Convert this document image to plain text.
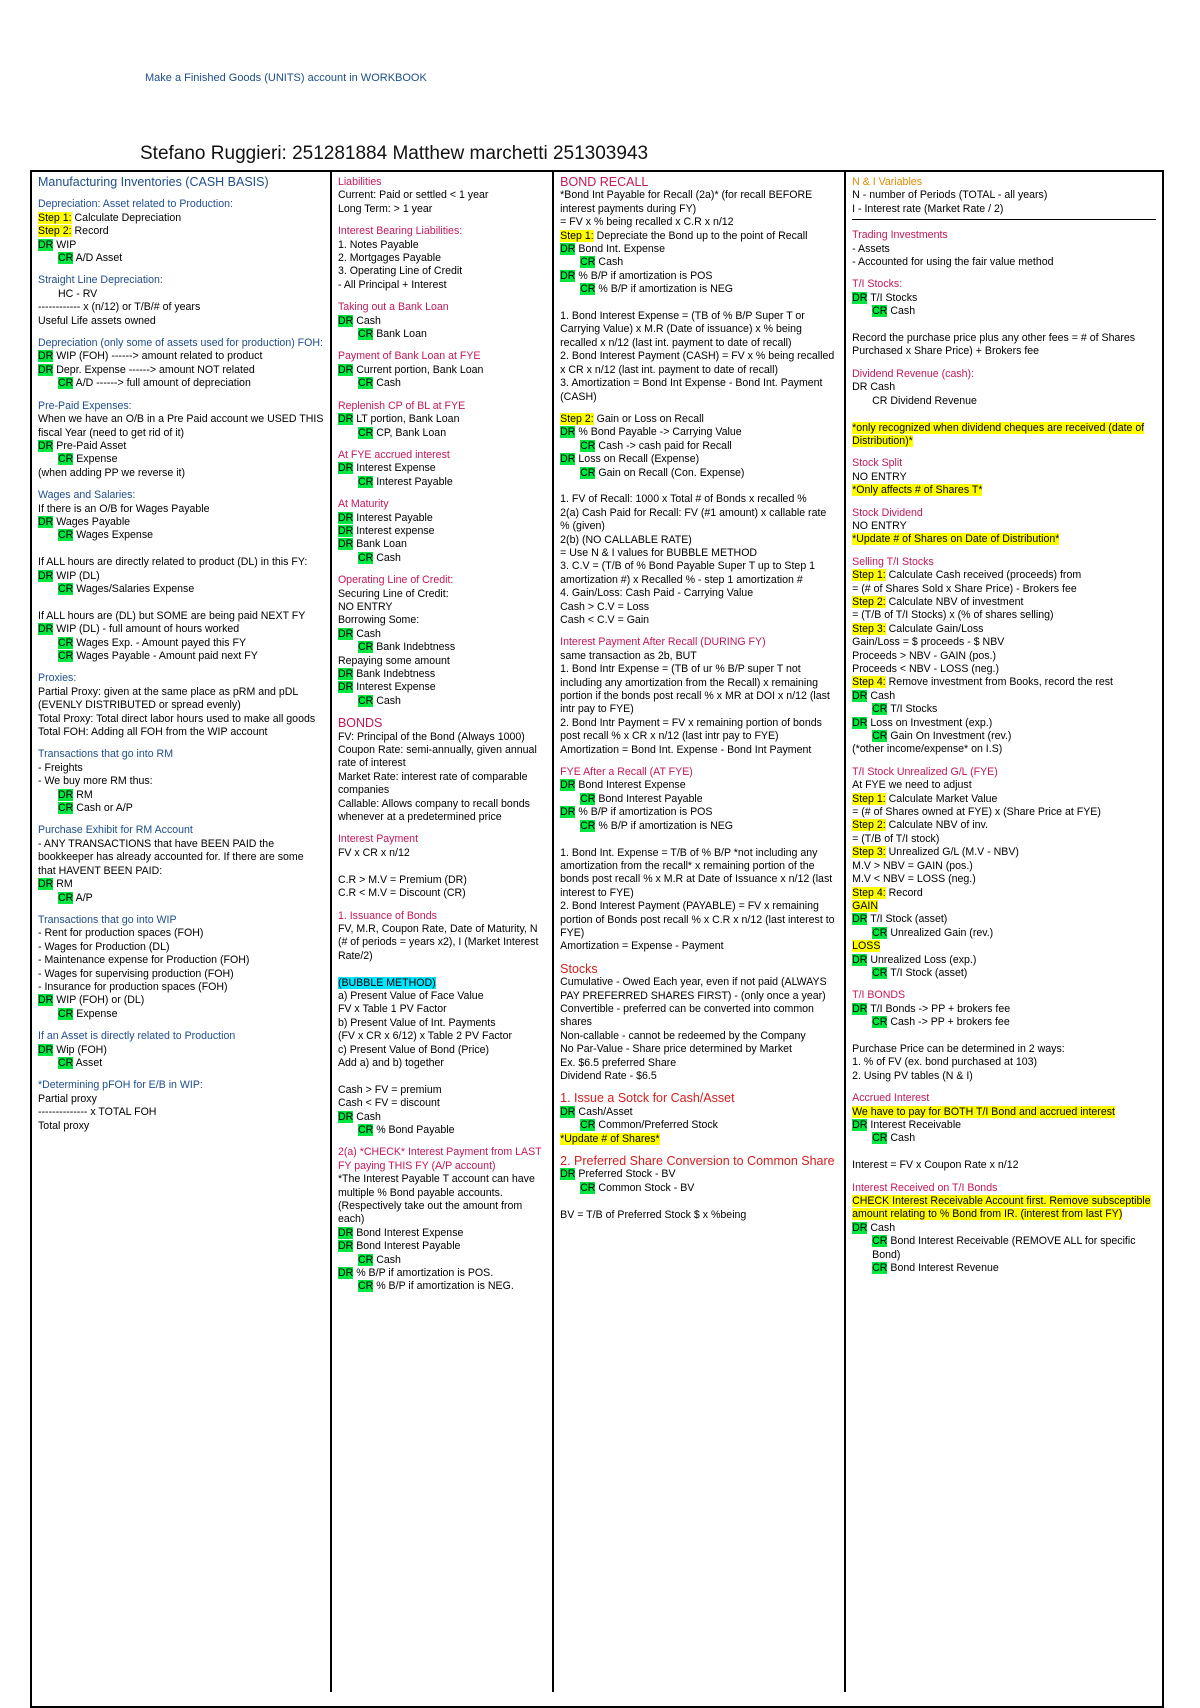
Make a Finished Goods (UNITS) account in WORKBOOK
Stefano Ruggieri: 251281884 Matthew marchetti 251303943
Manufacturing Inventories (CASH BASIS)
Depreciation: Asset related to Production:
Step 1: Calculate Depreciation
Step 2: Record
DR WIP
CR A/D Asset
Straight Line Depreciation:
HC - RV
------------ x (n/12) or T/B/# of years
Useful Life assets owned
Depreciation (only some of assets used for production) FOH:
DR WIP (FOH) ------> amount related to product
DR Depr. Expense ------> amount NOT related
CR A/D ------> full amount of depreciation
Pre-Paid Expenses:
When we have an O/B in a Pre Paid account we USED THIS fiscal Year (need to get rid of it)
DR Pre-Paid Asset
CR Expense
(when adding PP we reverse it)
Wages and Salaries:
If there is an O/B for Wages Payable
DR Wages Payable
CR Wages Expense

If ALL hours are directly related to product (DL) in this FY:
DR WIP (DL)
CR Wages/Salaries Expense

If ALL hours are (DL) but SOME are being paid NEXT FY
DR WIP (DL) - full amount of hours worked
CR Wages Exp. - Amount payed this FY
CR Wages Payable - Amount paid next FY
Proxies:
Partial Proxy: given at the same place as pRM and pDL (EVENLY DISTRIBUTED or spread evenly)
Total Proxy: Total direct labor hours used to make all goods
Total FOH: Adding all FOH from the WIP account
Transactions that go into RM
- Freights
- We buy more RM thus:
DR RM
CR Cash or A/P
Purchase Exhibit for RM Account
- ANY TRANSACTIONS that have BEEN PAID the bookkeeper has already accounted for. If there are some that HAVENT BEEN PAID:
DR RM
CR A/P
Transactions that go into WIP
- Rent for production spaces (FOH)
- Wages for Production (DL)
- Maintenance expense for Production (FOH)
- Wages for supervising production (FOH)
- Insurance for production spaces (FOH)
DR WIP (FOH) or (DL)
CR Expense
If an Asset is directly related to Production
DR Wip (FOH)
CR Asset
*Determining pFOH for E/B in WIP:
Partial proxy
-------------- x TOTAL FOH
Total proxy
Liabilities
Current: Paid or settled < 1 year
Long Term: > 1 year
Interest Bearing Liabilities:
1. Notes Payable
2. Mortgages Payable
3. Operating Line of Credit
- All Principal + Interest
Taking out a Bank Loan
DR Cash
CR Bank Loan
Payment of Bank Loan at FYE
DR Current portion, Bank Loan
CR Cash
Replenish CP of BL at FYE
DR LT portion, Bank Loan
CR CP, Bank Loan
At FYE accrued interest
DR Interest Expense
CR Interest Payable
At Maturity
DR Interest Payable
DR Interest expense
DR Bank Loan
CR Cash
Operating Line of Credit:
Securing Line of Credit:
NO ENTRY
Borrowing Some:
DR Cash
CR Bank Indebtness
Repaying some amount
DR Bank Indebtness
DR Interest Expense
CR Cash
BONDS
FV: Principal of the Bond (Always 1000)
Coupon Rate: semi-annually, given annual rate of interest
Market Rate: interest rate of comparable companies
Callable: Allows company to recall bonds whenever at a predetermined price
Interest Payment
FV x CR x n/12

C.R > M.V = Premium (DR)
C.R < M.V = Discount (CR)
1. Issuance of Bonds
FV, M.R, Coupon Rate, Date of Maturity, N (# of periods = years x2), I (Market Interest Rate/2)

(BUBBLE METHOD)
a) Present Value of Face Value
FV x Table 1 PV Factor
b) Present Value of Int. Payments
(FV x CR x 6/12) x Table 2 PV Factor
c) Present Value of Bond (Price)
Add a) and b) together

Cash > FV = premium
Cash < FV = discount
DR Cash
CR % Bond Payable
2(a) *CHECK* Interest Payment from LAST FY paying THIS FY (A/P account)
*The Interest Payable T account can have multiple % Bond payable accounts. (Respectively take out the amount from each)
DR Bond Interest Expense
DR Bond Interest Payable
CR Cash
DR % B/P if amortization is POS.
CR % B/P if amortization is NEG.
BOND RECALL
*Bond Int Payable for Recall (2a)* (for recall BEFORE interest payments during FY)
= FV x % being recalled x C.R x n/12
Step 1: Depreciate the Bond up to the point of Recall
DR Bond Int. Expense
CR Cash
DR % B/P if amortization is POS
CR % B/P if amortization is NEG

1. Bond Interest Expense = (TB of % B/P Super T or Carrying Value) x M.R (Date of issuance) x % being recalled x n/12 (last int. payment to date of recall)
2. Bond Interest Payment (CASH) = FV x % being recalled x CR x n/12 (last int. payment to date of recall)
3. Amortization = Bond Int Expense - Bond Int. Payment (CASH)
Step 2: Gain or Loss on Recall
DR % Bond Payable -> Carrying Value
CR Cash -> cash paid for Recall
DR Loss on Recall (Expense)
CR Gain on Recall (Con. Expense)

1. FV of Recall: 1000 x Total # of Bonds x recalled %
2(a) Cash Paid for Recall: FV (#1 amount) x callable rate % (given)
2(b) (NO CALLABLE RATE)
= Use N & I values for BUBBLE METHOD
3. C.V = (T/B of % Bond Payable Super T up to Step 1 amortization #) x Recalled % - step 1 amortization #
4. Gain/Loss: Cash Paid - Carrying Value
Cash > C.V = Loss
Cash < C.V = Gain
Interest Payment After Recall (DURING FY)
same transaction as 2b, BUT
1. Bond Intr Expense = (TB of ur % B/P super T not including any amortization from the Recall) x remaining portion if the bonds post recall % x MR at DOI x n/12 (last intr pay to FYE)
2. Bond Intr Payment = FV x remaining portion of bonds post recall % x CR x n/12 (last intr pay to FYE)
Amortization = Bond Int. Expense - Bond Int Payment
FYE After a Recall (AT FYE)
DR Bond Interest Expense
CR Bond Interest Payable
DR % B/P if amortization is POS
CR % B/P if amortization is NEG

1. Bond Int. Expense = T/B of % B/P *not including any amortization from the recall* x remaining portion of the bonds post recall % x M.R at Date of Issuance x n/12 (last interest to FYE)
2. Bond Interest Payment (PAYABLE) = FV x remaining portion of Bonds post recall % x C.R x n/12 (last interest to FYE)
Amortization = Expense - Payment
Stocks
Cumulative - Owed Each year, even if not paid (ALWAYS PAY PREFERRED SHARES FIRST) - (only once a year)
Convertible - preferred can be converted into common shares
Non-callable - cannot be redeemed by the Company
No Par-Value - Share price determined by Market
Ex. $6.5 preferred Share
Dividend Rate - $6.5
1. Issue a Sotck for Cash/Asset
DR Cash/Asset
CR Common/Preferred Stock
*Update # of Shares*
2. Preferred Share Conversion to Common Share
DR Preferred Stock - BV
CR Common Stock - BV

BV = T/B of Preferred Stock $ x %being
N & I Variables
N - number of Periods (TOTAL - all years)
I - Interest rate (Market Rate / 2)
Trading Investments
- Assets
- Accounted for using the fair value method
T/I Stocks:
DR T/I Stocks
CR Cash

Record the purchase price plus any other fees = # of Shares Purchased x Share Price) + Brokers fee
Dividend Revenue (cash):
DR Cash
CR Dividend Revenue

*only recognized when dividend cheques are received (date of Distribution)*
Stock Split
NO ENTRY
*Only affects # of Shares T*
Stock Dividend
NO ENTRY
*Update # of Shares on Date of Distribution*
Selling T/I Stocks
Step 1: Calculate Cash received (proceeds) from
= (# of Shares Sold x Share Price) - Brokers fee
Step 2: Calculate NBV of investment
= (T/B of T/I Stocks) x (% of shares selling)
Step 3: Calculate Gain/Loss
Gain/Loss = $ proceeds - $ NBV
Proceeds > NBV - GAIN (pos.)
Proceeds < NBV - LOSS (neg.)
Step 4: Remove investment from Books, record the rest
DR Cash
CR T/I Stocks
DR Loss on Investment (exp.)
CR Gain On Investment (rev.)
(*other income/expense* on I.S)
T/I Stock Unrealized G/L (FYE)
At FYE we need to adjust
Step 1: Calculate Market Value
= (# of Shares owned at FYE) x (Share Price at FYE)
Step 2: Calculate NBV of inv.
= (T/B of T/I stock)
Step 3: Unrealized G/L (M.V - NBV)
M.V > NBV = GAIN (pos.)
M.V < NBV = LOSS (neg.)
Step 4: Record
GAIN
DR T/I Stock (asset)
CR Unrealized Gain (rev.)
LOSS
DR Unrealized Loss (exp.)
CR T/I Stock (asset)
T/I BONDS
DR T/I Bonds -> PP + brokers fee
CR Cash -> PP + brokers fee

Purchase Price can be determined in 2 ways:
1. % of FV (ex. bond purchased at 103)
2. Using PV tables (N & I)
Accrued Interest
We have to pay for BOTH T/I Bond and accrued interest
DR Interest Receivable
CR Cash

Interest = FV x Coupon Rate x n/12
Interest Received on T/I Bonds
CHECK Interest Receivable Account first. Remove subsceptible amount relating to % Bond from IR. (interest from last FY)
DR Cash
CR Bond Interest Receivable (REMOVE ALL for specific Bond)
CR Bond Interest Revenue
